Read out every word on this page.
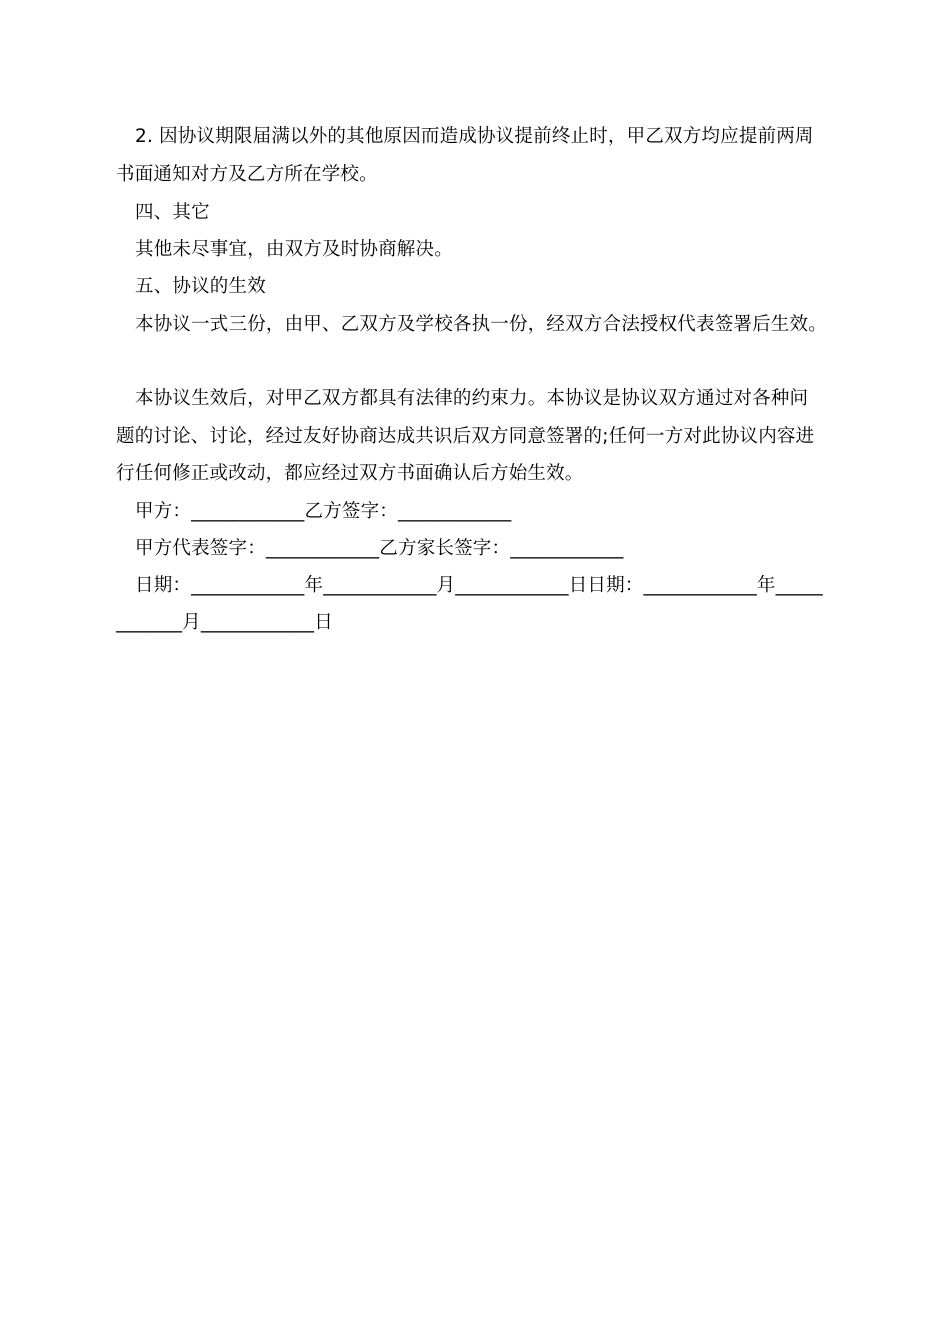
2. 因协议期限届满以外的其他原因而造成协议提前终止时，甲乙双方均应提前两周
书面通知对方及乙方所在学校。
四、其它
其他未尽事宜，由双方及时协商解决。
五、协议的生效
本协议一式三份，由甲、乙双方及学校各执一份，经双方合法授权代表签署后生效。
本协议生效后，对甲乙双方都具有法律的约束力。本协议是协议双方通过对各种问
题的讨论、讨论，经过友好协商达成共识后双方同意签署的;任何一方对此协议内容进
行任何修正或改动，都应经过双方书面确认后方始生效。
甲方：____________乙方签字：____________
甲方代表签字：____________乙方家长签字：____________
日期：____________年____________月____________日日期：____________年_____
_______月____________日
